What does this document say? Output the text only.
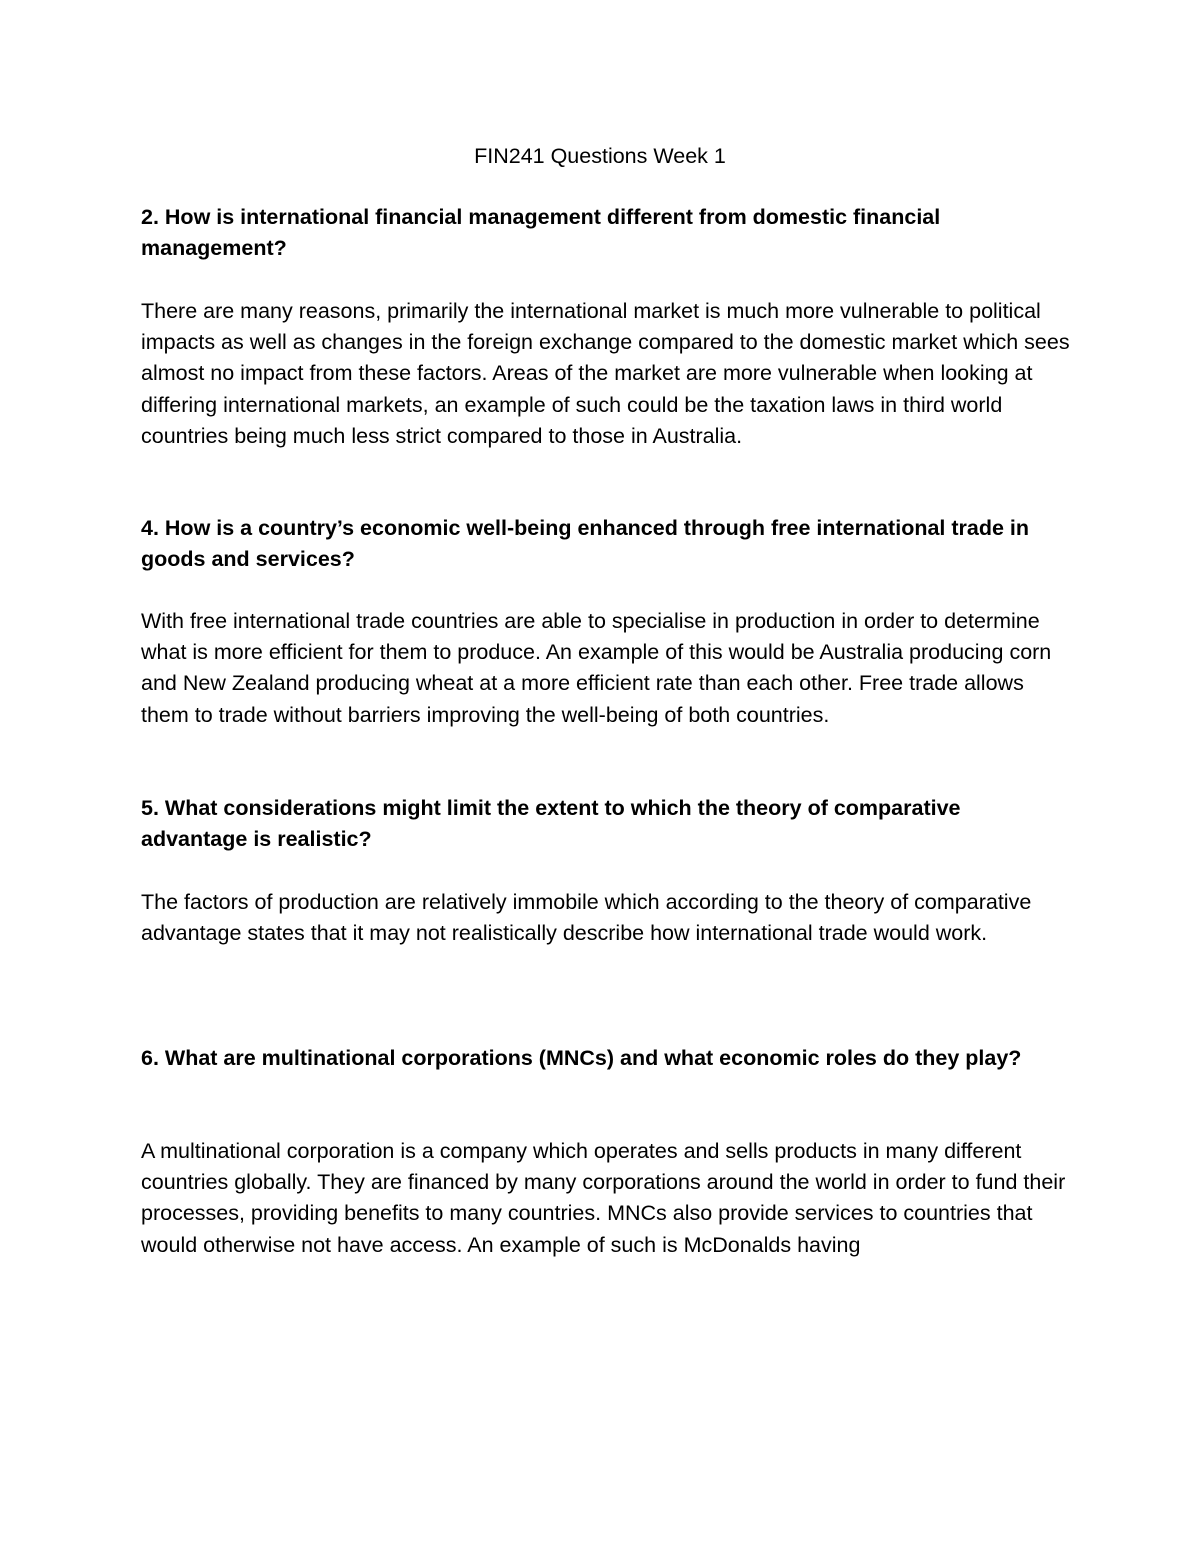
FIN241 Questions Week 1

2. How is international financial management different from domestic financial management?

There are many reasons, primarily the international market is much more vulnerable to political impacts as well as changes in the foreign exchange compared to the domestic market which sees almost no impact from these factors. Areas of the market are more vulnerable when looking at differing international markets, an example of such could be the taxation laws in third world countries being much less strict compared to those in Australia.

4. How is a country’s economic well-being enhanced through free international trade in goods and services?

With free international trade countries are able to specialise in production in order to determine what is more efficient for them to produce. An example of this would be Australia producing corn and New Zealand producing wheat at a more efficient rate than each other. Free trade allows them to trade without barriers improving the well-being of both countries.

5. What considerations might limit the extent to which the theory of comparative advantage is realistic?

The factors of production are relatively immobile which according to the theory of comparative advantage states that it may not realistically describe how international trade would work.

6. What are multinational corporations (MNCs) and what economic roles do they play?

A multinational corporation is a company which operates and sells products in many different countries globally. They are financed by many corporations around the world in order to fund their processes, providing benefits to many countries. MNCs also provide services to countries that would otherwise not have access. An example of such is McDonalds having
